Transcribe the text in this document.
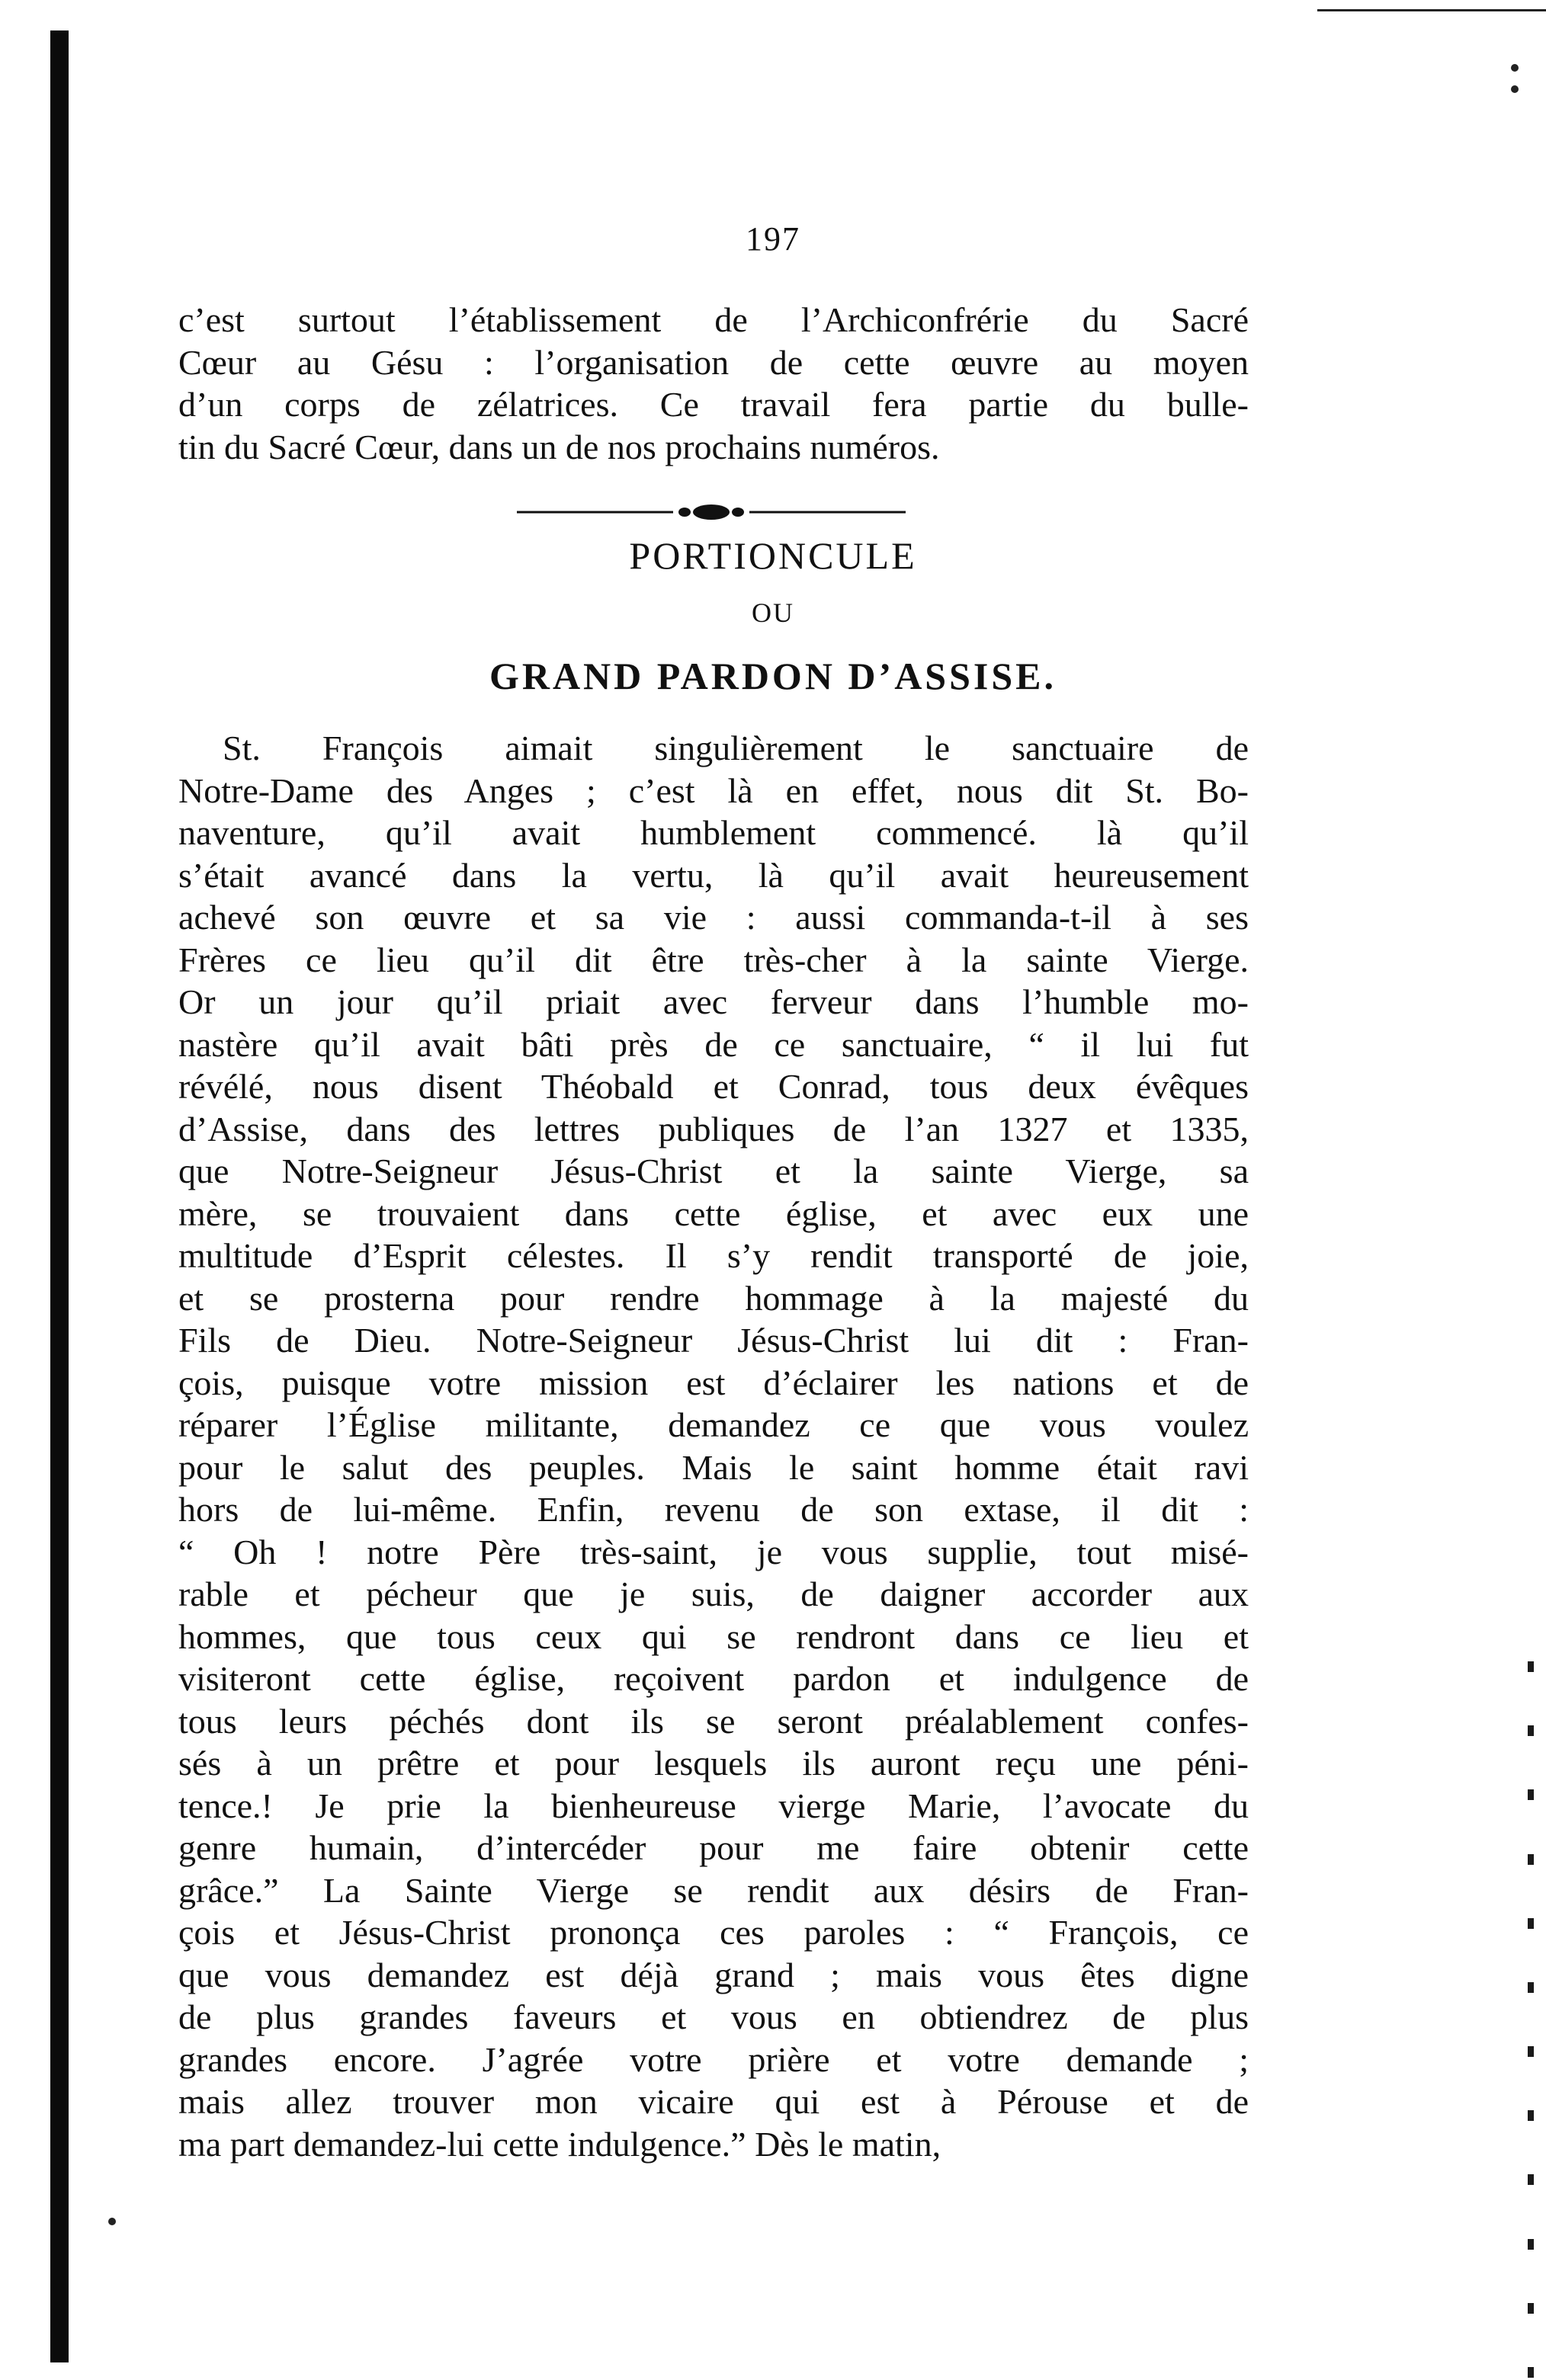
197
c’est surtout l’établissement de l’Archiconfrérie du Sacré
Cœur au Gésu : l’organisation de cette œuvre au moyen
d’un corps de zélatrices. Ce travail fera partie du bulle-
tin du Sacré Cœur, dans un de nos prochains numéros.
PORTIONCULE
OU
GRAND PARDON D’ASSISE.
St. François aimait singulièrement le sanctuaire de
Notre-Dame des Anges ; c’est là en effet, nous dit St. Bo-
naventure, qu’il avait humblement commencé. là qu’il
s’était avancé dans la vertu, là qu’il avait heureusement
achevé son œuvre et sa vie : aussi commanda-t-il à ses
Frères ce lieu qu’il dit être très-cher à la sainte Vierge.
Or un jour qu’il priait avec ferveur dans l’humble mo-
nastère qu’il avait bâti près de ce sanctuaire, “ il lui fut
révélé, nous disent Théobald et Conrad, tous deux évêques
d’Assise, dans des lettres publiques de l’an 1327 et 1335,
que Notre-Seigneur Jésus-Christ et la sainte Vierge, sa
mère, se trouvaient dans cette église, et avec eux une
multitude d’Esprit célestes. Il s’y rendit transporté de joie,
et se prosterna pour rendre hommage à la majesté du
Fils de Dieu. Notre-Seigneur Jésus-Christ lui dit : Fran-
çois, puisque votre mission est d’éclairer les nations et de
réparer l’Église militante, demandez ce que vous voulez
pour le salut des peuples. Mais le saint homme était ravi
hors de lui-même. Enfin, revenu de son extase, il dit :
“ Oh ! notre Père très-saint, je vous supplie, tout misé-
rable et pécheur que je suis, de daigner accorder aux
hommes, que tous ceux qui se rendront dans ce lieu et
visiteront cette église, reçoivent pardon et indulgence de
tous leurs péchés dont ils se seront préalablement confes-
sés à un prêtre et pour lesquels ils auront reçu une péni-
tence.! Je prie la bienheureuse vierge Marie, l’avocate du
genre humain, d’intercéder pour me faire obtenir cette
grâce.” La Sainte Vierge se rendit aux désirs de Fran-
çois et Jésus-Christ prononça ces paroles : “ François, ce
que vous demandez est déjà grand ; mais vous êtes digne
de plus grandes faveurs et vous en obtiendrez de plus
grandes encore. J’agrée votre prière et votre demande ;
mais allez trouver mon vicaire qui est à Pérouse et de
ma part demandez-lui cette indulgence.” Dès le matin,
